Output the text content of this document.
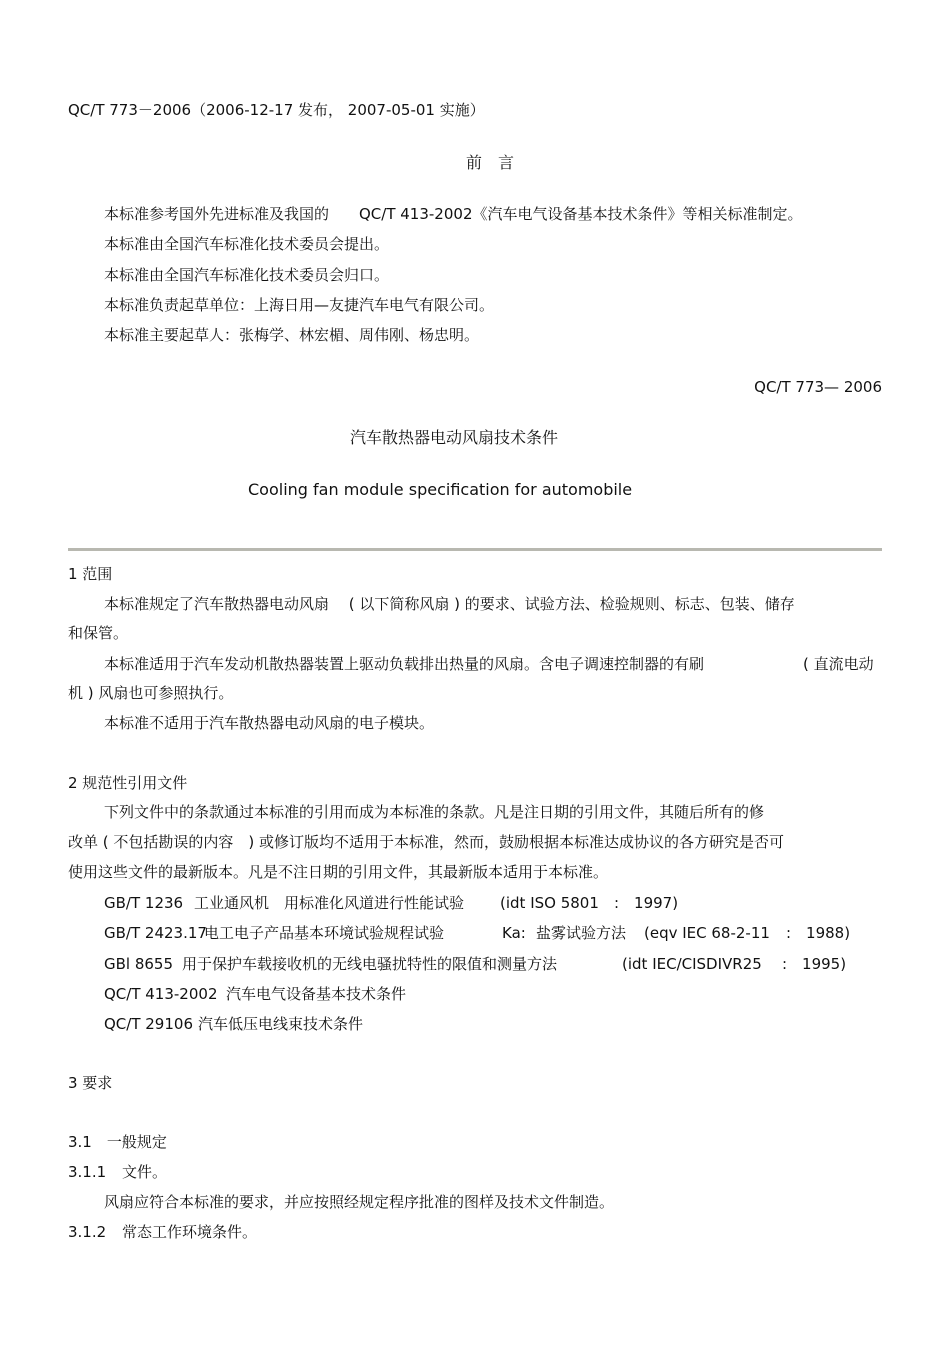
QC/T 773－2006（2006-12-17 发布， 2007-05-01 实施）
前　言
本标准参考国外先进标准及我国的　　QC/T 413-2002《汽车电气设备基本技术条件》等相关标准制定。
本标准由全国汽车标准化技术委员会提出。
本标准由全国汽车标准化技术委员会归口。
本标准负责起草单位：上海日用—友捷汽车电气有限公司。
本标准主要起草人：张梅学、林宏楣、周伟刚、杨忠明。
QC/T 773— 2006
汽车散热器电动风扇技术条件
Cooling fan module specification for automobile
1 范围
本标准规定了汽车散热器电动风扇　 ( 以下简称风扇 ) 的要求、试验方法、检验规则、标志、包装、储存
和保管。
本标准适用于汽车发动机散热器装置上驱动负载排出热量的风扇。含电子调速控制器的有刷	( 直流电动
机 ) 风扇也可参照执行。
本标准不适用于汽车散热器电动风扇的电子模块。
2 规范性引用文件
下列文件中的条款通过本标准的引用而成为本标准的条款。凡是注日期的引用文件，其随后所有的修
改单 ( 不包括勘误的内容　) 或修订版均不适用于本标准，然而，鼓励根据本标准达成协议的各方研究是否可
使用这些文件的最新版本。凡是不注日期的引用文件，其最新版本适用于本标准。
GB/T 1236 工业通风机　用标准化风道进行性能试验	(idt ISO 5801	:　1997)
GB/T 2423.17
电工电子产品基本环境试验规程试验	Ka: 盐雾试验方法	(eqv IEC 68-2-11	:　1988)
GBl 8655 用于保护车载接收机的无线电骚扰特性的限值和测量方法	(idt IEC/CISDIVR25	:　1995)
QC/T 413-2002 汽车电气设备基本技术条件
QC/T 29106 汽车低压电线束技术条件
3 要求
3.1　一般规定
3.1.1	文件。
风扇应符合本标准的要求，并应按照经规定程序批准的图样及技术文件制造。
3.1.2	常态工作环境条件。
